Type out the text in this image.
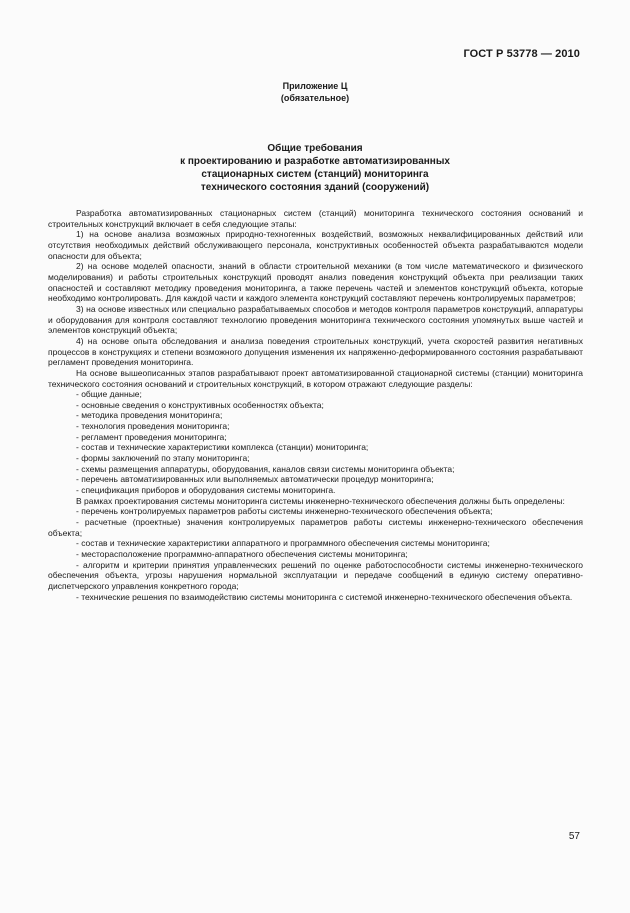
ГОСТ Р 53778 — 2010
Приложение Ц
(обязательное)
Общие требования
к проектированию и разработке автоматизированных
стационарных систем (станций) мониторинга
технического состояния зданий (сооружений)

Разработка автоматизированных стационарных систем (станций) мониторинга технического состояния оснований и строительных конструкций включает в себя следующие этапы:

1) на основе анализа возможных природно-техногенных воздействий, возможных неквалифицированных действий или отсутствия необходимых действий обслуживающего персонала, конструктивных особенностей объекта разрабатываются модели опасности для объекта;

2) на основе моделей опасности, знаний в области строительной механики (в том числе математического и физического моделирования) и работы строительных конструкций проводят анализ поведения конструкций объекта при реализации таких опасностей и составляют методику проведения мониторинга, а также перечень частей и элементов конструкций объекта, которые необходимо контролировать. Для каждой части и каждого элемента конструкций составляют перечень контролируемых параметров;

3) на основе известных или специально разрабатываемых способов и методов контроля параметров конструкций, аппаратуры и оборудования для контроля составляют технологию проведения мониторинга технического состояния упомянутых выше частей и элементов конструкций объекта;

4) на основе опыта обследования и анализа поведения строительных конструкций, учета скоростей развития негативных процессов в конструкциях и степени возможного допущения изменения их напряженно-деформированного состояния разрабатывают регламент проведения мониторинга.

На основе вышеописанных этапов разрабатывают проект автоматизированной стационарной системы (станции) мониторинга технического состояния оснований и строительных конструкций, в котором отражают следующие разделы:

- общие данные;

- основные сведения о конструктивных особенностях объекта;

- методика проведения мониторинга;

- технология проведения мониторинга;

- регламент проведения мониторинга;

- состав и технические характеристики комплекса (станции) мониторинга;

- формы заключений по этапу мониторинга;

- схемы размещения аппаратуры, оборудования, каналов связи системы мониторинга объекта;

- перечень автоматизированных или выполняемых автоматически процедур мониторинга;

- спецификация приборов и оборудования системы мониторинга.

В рамках проектирования системы мониторинга системы инженерно-технического обеспечения должны быть определены:

- перечень контролируемых параметров работы системы инженерно-технического обеспечения объекта;

- расчетные (проектные) значения контролируемых параметров работы системы инженерно-технического обеспечения объекта;

- состав и технические характеристики аппаратного и программного обеспечения системы мониторинга;

- месторасположение программно-аппаратного обеспечения системы мониторинга;

- алгоритм и критерии принятия управленческих решений по оценке работоспособности системы инженерно-технического обеспечения объекта, угрозы нарушения нормальной эксплуатации и передаче сообщений в единую систему оперативно-диспетчерского управления конкретного города;

- технические решения по взаимодействию системы мониторинга с системой инженерно-технического обеспечения объекта.

57
